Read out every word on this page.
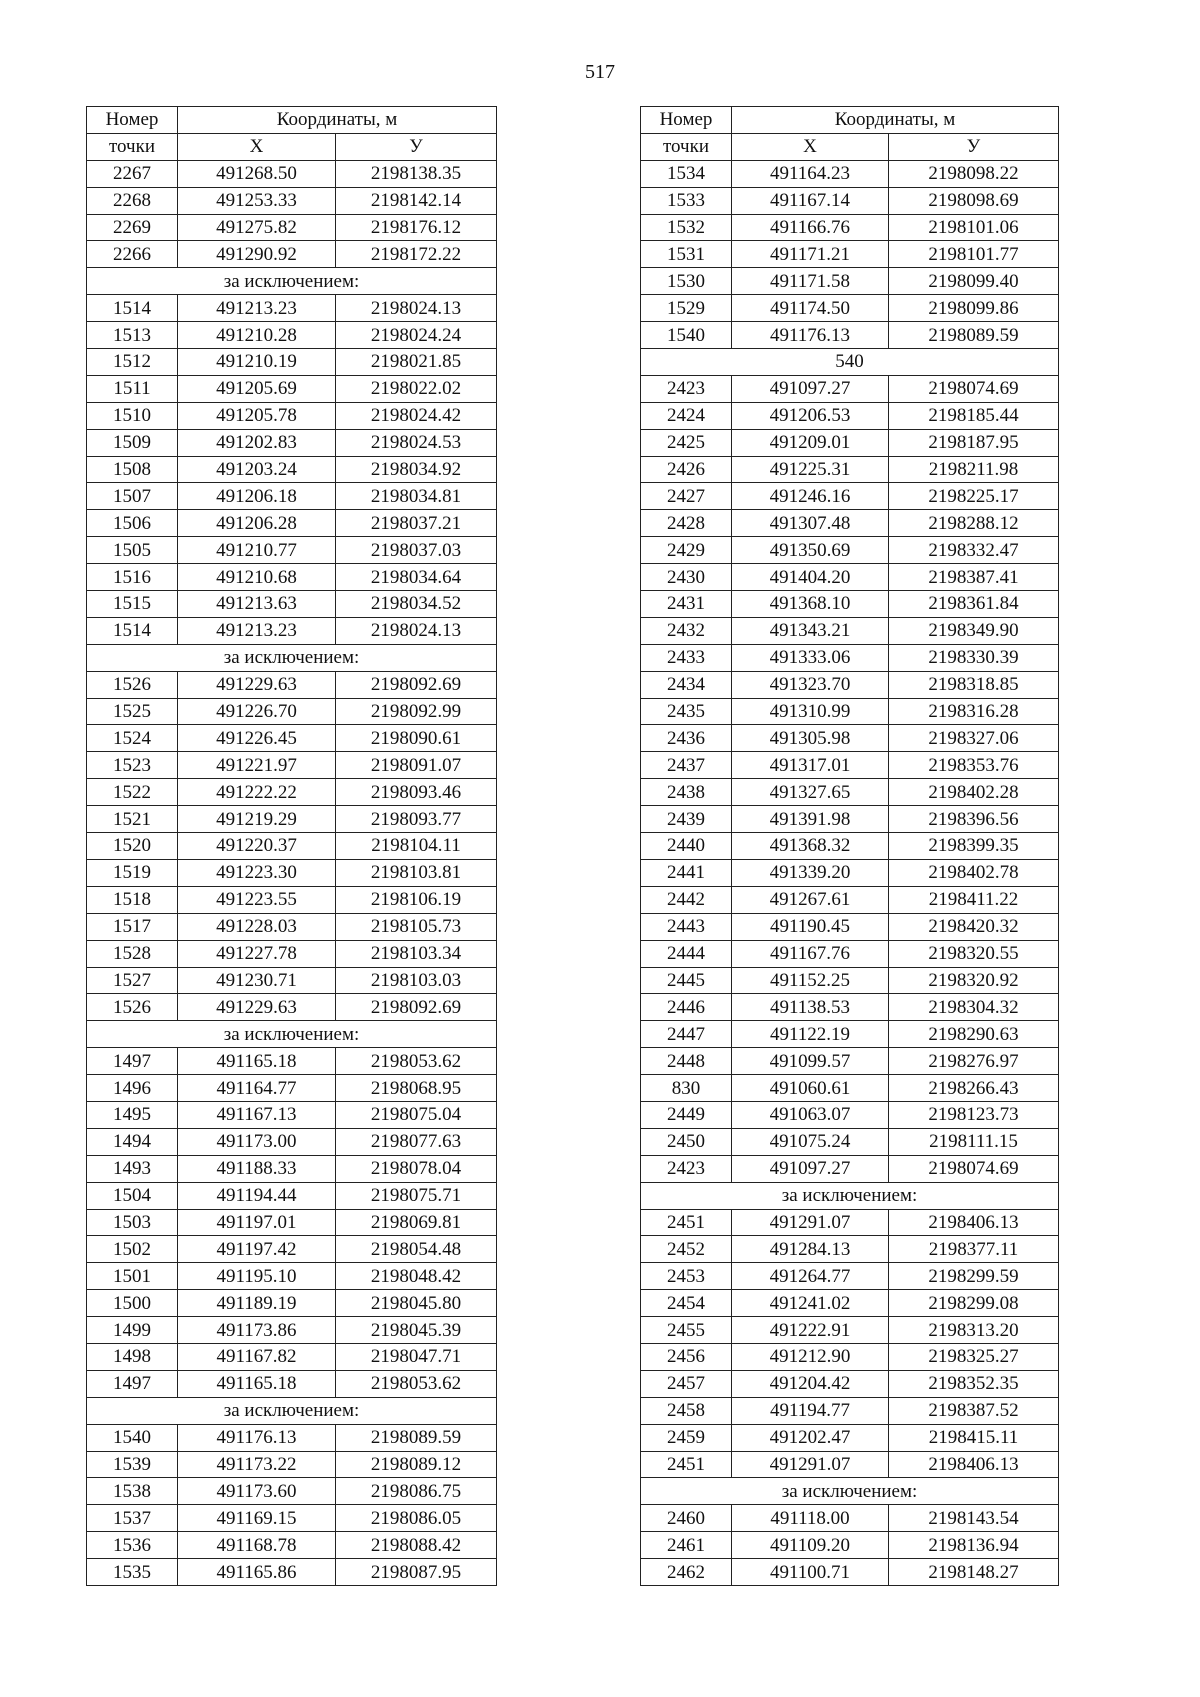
517
Номер	Координаты, м	
точки	Х	У
2267	491268.50	2198138.35
2268	491253.33	2198142.14
2269	491275.82	2198176.12
2266	491290.92	2198172.22
за исключением:		
1514	491213.23	2198024.13
1513	491210.28	2198024.24
1512	491210.19	2198021.85
1511	491205.69	2198022.02
1510	491205.78	2198024.42
1509	491202.83	2198024.53
1508	491203.24	2198034.92
1507	491206.18	2198034.81
1506	491206.28	2198037.21
1505	491210.77	2198037.03
1516	491210.68	2198034.64
1515	491213.63	2198034.52
1514	491213.23	2198024.13
за исключением:		
1526	491229.63	2198092.69
1525	491226.70	2198092.99
1524	491226.45	2198090.61
1523	491221.97	2198091.07
1522	491222.22	2198093.46
1521	491219.29	2198093.77
1520	491220.37	2198104.11
1519	491223.30	2198103.81
1518	491223.55	2198106.19
1517	491228.03	2198105.73
1528	491227.78	2198103.34
1527	491230.71	2198103.03
1526	491229.63	2198092.69
за исключением:		
1497	491165.18	2198053.62
1496	491164.77	2198068.95
1495	491167.13	2198075.04
1494	491173.00	2198077.63
1493	491188.33	2198078.04
1504	491194.44	2198075.71
1503	491197.01	2198069.81
1502	491197.42	2198054.48
1501	491195.10	2198048.42
1500	491189.19	2198045.80
1499	491173.86	2198045.39
1498	491167.82	2198047.71
1497	491165.18	2198053.62
за исключением:		
1540	491176.13	2198089.59
1539	491173.22	2198089.12
1538	491173.60	2198086.75
1537	491169.15	2198086.05
1536	491168.78	2198088.42
1535	491165.86	2198087.95
Номер	Координаты, м	
точки	Х	У
1534	491164.23	2198098.22
1533	491167.14	2198098.69
1532	491166.76	2198101.06
1531	491171.21	2198101.77
1530	491171.58	2198099.40
1529	491174.50	2198099.86
1540	491176.13	2198089.59
540		
2423	491097.27	2198074.69
2424	491206.53	2198185.44
2425	491209.01	2198187.95
2426	491225.31	2198211.98
2427	491246.16	2198225.17
2428	491307.48	2198288.12
2429	491350.69	2198332.47
2430	491404.20	2198387.41
2431	491368.10	2198361.84
2432	491343.21	2198349.90
2433	491333.06	2198330.39
2434	491323.70	2198318.85
2435	491310.99	2198316.28
2436	491305.98	2198327.06
2437	491317.01	2198353.76
2438	491327.65	2198402.28
2439	491391.98	2198396.56
2440	491368.32	2198399.35
2441	491339.20	2198402.78
2442	491267.61	2198411.22
2443	491190.45	2198420.32
2444	491167.76	2198320.55
2445	491152.25	2198320.92
2446	491138.53	2198304.32
2447	491122.19	2198290.63
2448	491099.57	2198276.97
830	491060.61	2198266.43
2449	491063.07	2198123.73
2450	491075.24	2198111.15
2423	491097.27	2198074.69
за исключением:		
2451	491291.07	2198406.13
2452	491284.13	2198377.11
2453	491264.77	2198299.59
2454	491241.02	2198299.08
2455	491222.91	2198313.20
2456	491212.90	2198325.27
2457	491204.42	2198352.35
2458	491194.77	2198387.52
2459	491202.47	2198415.11
2451	491291.07	2198406.13
за исключением:		
2460	491118.00	2198143.54
2461	491109.20	2198136.94
2462	491100.71	2198148.27
